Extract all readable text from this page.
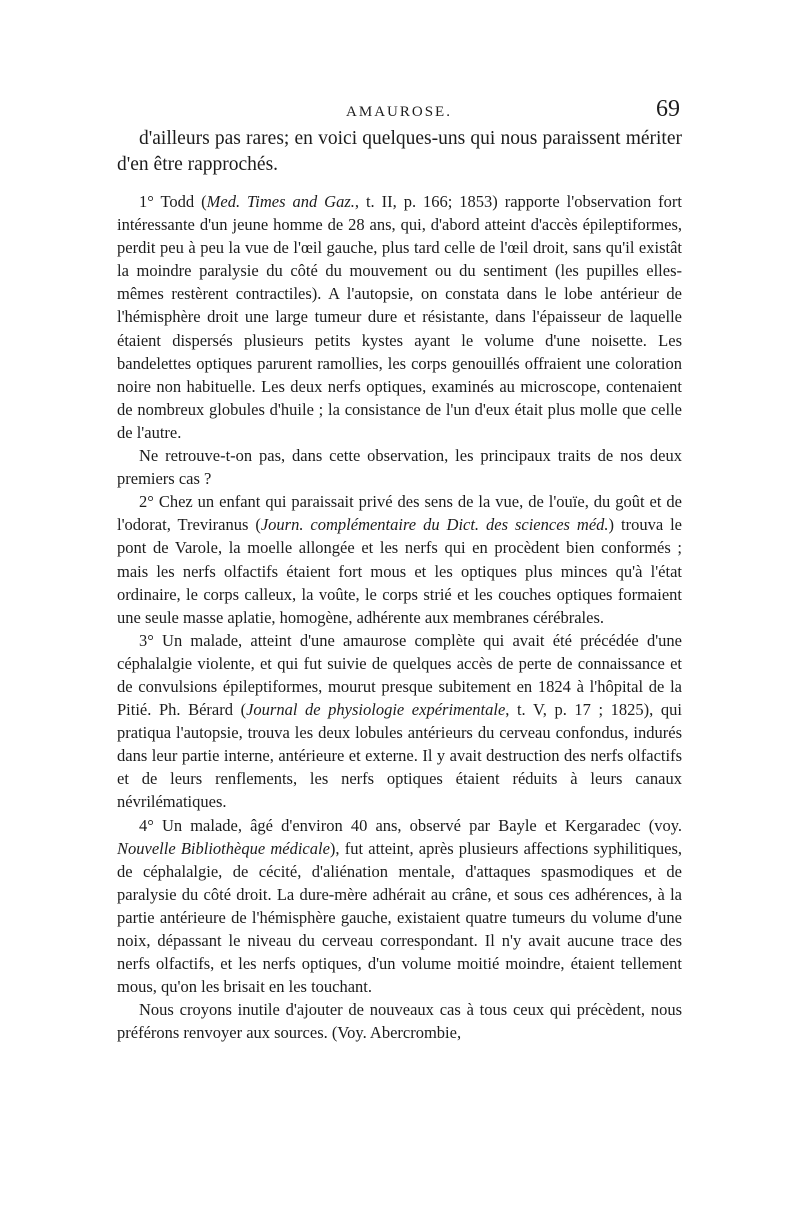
AMAUROSE.	69

d'ailleurs pas rares; en voici quelques-uns qui nous paraissent mériter d'en être rapprochés.

1° Todd (Med. Times and Gaz., t. II, p. 166; 1853) rapporte l'observation fort intéressante d'un jeune homme de 28 ans, qui, d'abord atteint d'accès épileptiformes, perdit peu à peu la vue de l'œil gauche, plus tard celle de l'œil droit, sans qu'il existât la moindre paralysie du côté du mouvement ou du sentiment (les pupilles elles-mêmes restèrent contractiles). A l'autopsie, on constata dans le lobe antérieur de l'hémisphère droit une large tumeur dure et résistante, dans l'épaisseur de laquelle étaient dispersés plusieurs petits kystes ayant le volume d'une noisette. Les bandelettes optiques parurent ramollies, les corps genouillés offraient une coloration noire non habituelle. Les deux nerfs optiques, examinés au microscope, contenaient de nombreux globules d'huile ; la consistance de l'un d'eux était plus molle que celle de l'autre.

Ne retrouve-t-on pas, dans cette observation, les principaux traits de nos deux premiers cas ?

2° Chez un enfant qui paraissait privé des sens de la vue, de l'ouïe, du goût et de l'odorat, Treviranus (Journ. complémentaire du Dict. des sciences méd.) trouva le pont de Varole, la moelle allongée et les nerfs qui en procèdent bien conformés ; mais les nerfs olfactifs étaient fort mous et les optiques plus minces qu'à l'état ordinaire, le corps calleux, la voûte, le corps strié et les couches optiques formaient une seule masse aplatie, homogène, adhérente aux membranes cérébrales.

3° Un malade, atteint d'une amaurose complète qui avait été précédée d'une céphalalgie violente, et qui fut suivie de quelques accès de perte de connaissance et de convulsions épileptiformes, mourut presque subitement en 1824 à l'hôpital de la Pitié. Ph. Bérard (Journal de physiologie expérimentale, t. V, p. 17 ; 1825), qui pratiqua l'autopsie, trouva les deux lobules antérieurs du cerveau confondus, indurés dans leur partie interne, antérieure et externe. Il y avait destruction des nerfs olfactifs et de leurs renflements, les nerfs optiques étaient réduits à leurs canaux névrilématiques.

4° Un malade, âgé d'environ 40 ans, observé par Bayle et Kergaradec (voy. Nouvelle Bibliothèque médicale), fut atteint, après plusieurs affections syphilitiques, de céphalalgie, de cécité, d'aliénation mentale, d'attaques spasmodiques et de paralysie du côté droit. La dure-mère adhérait au crâne, et sous ces adhérences, à la partie antérieure de l'hémisphère gauche, existaient quatre tumeurs du volume d'une noix, dépassant le niveau du cerveau correspondant. Il n'y avait aucune trace des nerfs olfactifs, et les nerfs optiques, d'un volume moitié moindre, étaient tellement mous, qu'on les brisait en les touchant.

Nous croyons inutile d'ajouter de nouveaux cas à tous ceux qui précèdent, nous préférons renvoyer aux sources. (Voy. Abercrombie,
